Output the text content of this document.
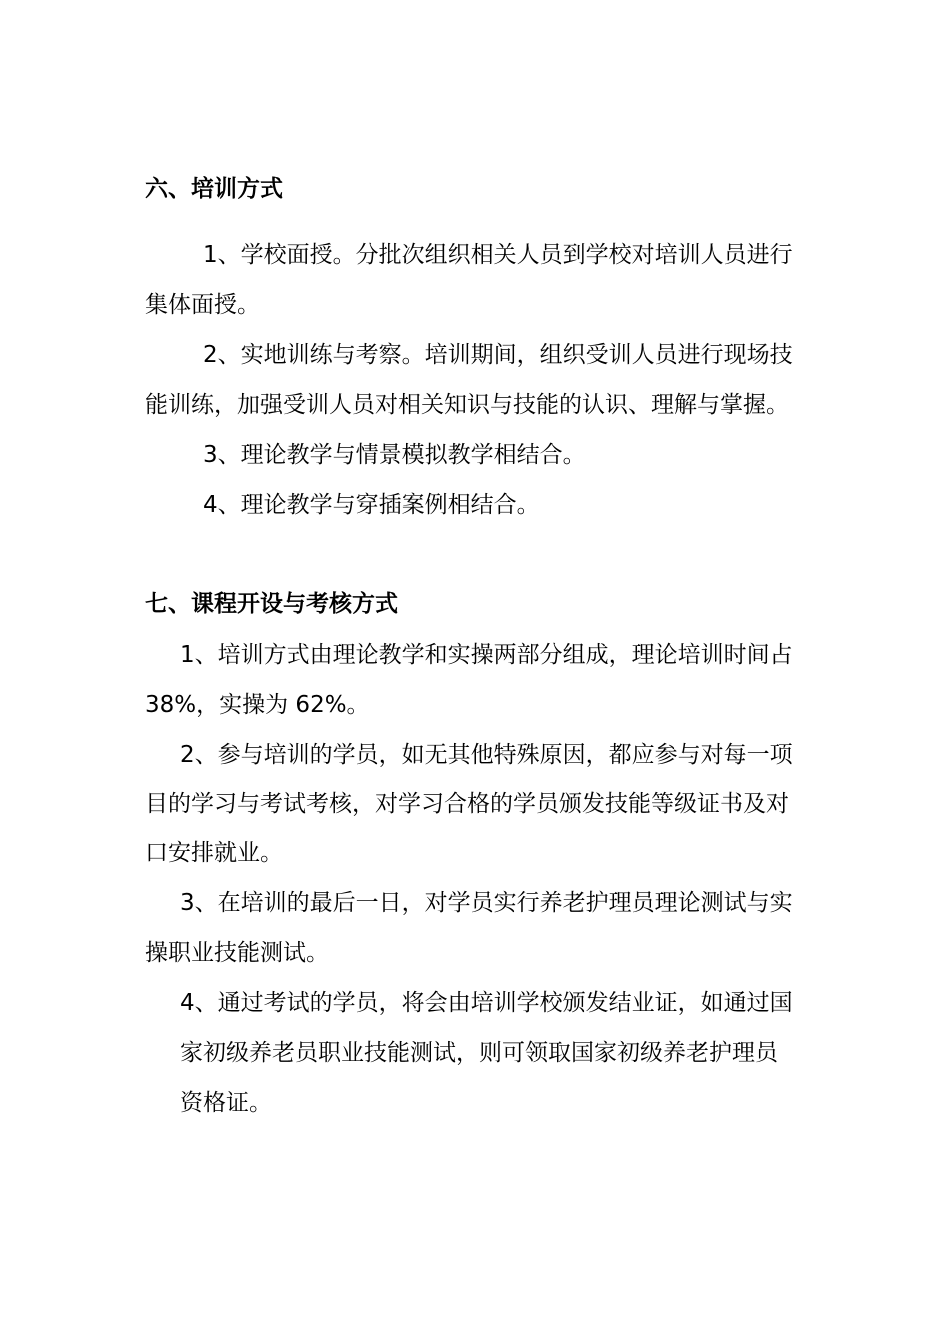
六、培训方式
1、学校面授。分批次组织相关人员到学校对培训人员进行
集体面授。
2、实地训练与考察。培训期间，组织受训人员进行现场技
能训练，加强受训人员对相关知识与技能的认识、理解与掌握。
3、理论教学与情景模拟教学相结合。
4、理论教学与穿插案例相结合。
七、课程开设与考核方式
1、培训方式由理论教学和实操两部分组成，理论培训时间占
38%，实操为 62%。
2、参与培训的学员，如无其他特殊原因，都应参与对每一项
目的学习与考试考核，对学习合格的学员颁发技能等级证书及对
口安排就业。
3、在培训的最后一日，对学员实行养老护理员理论测试与实
操职业技能测试。
4、通过考试的学员，将会由培训学校颁发结业证，如通过国
家初级养老员职业技能测试，则可领取国家初级养老护理员
资格证。
